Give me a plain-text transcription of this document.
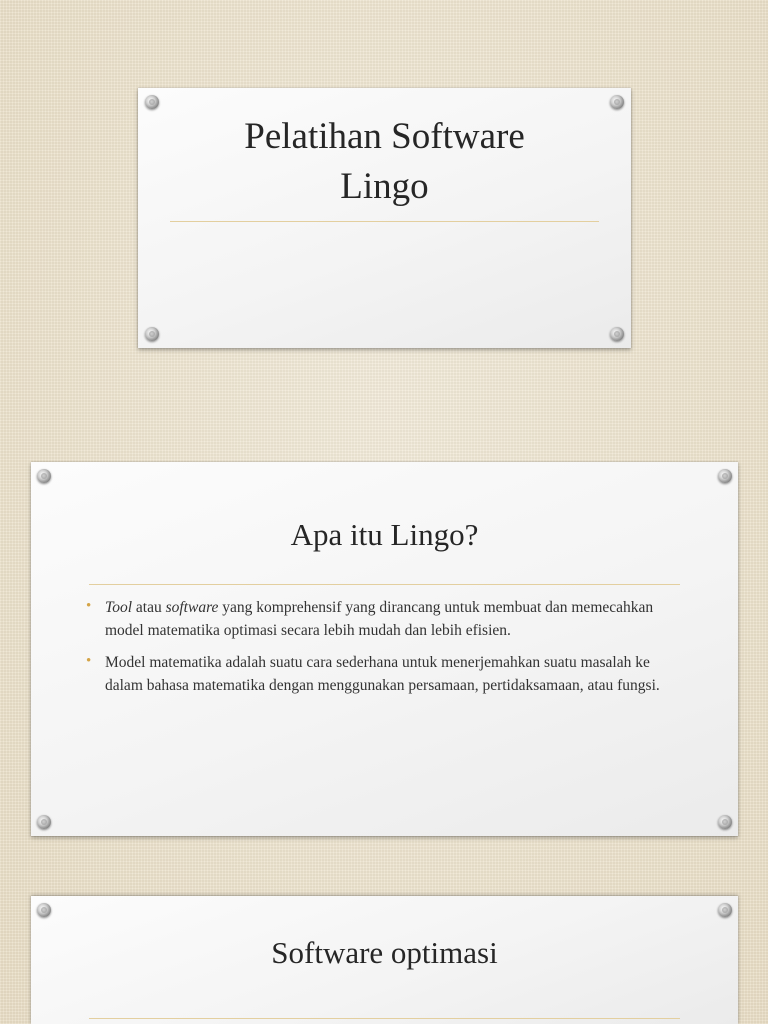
Pelatihan Software Lingo
Apa itu Lingo?
• Tool atau software yang komprehensif yang dirancang untuk membuat dan memecahkan model matematika optimasi secara lebih mudah dan lebih efisien.
• Model matematika adalah suatu cara sederhana untuk menerjemahkan suatu masalah ke dalam bahasa matematika dengan menggunakan persamaan, pertidaksamaan, atau fungsi.
Software optimasi
